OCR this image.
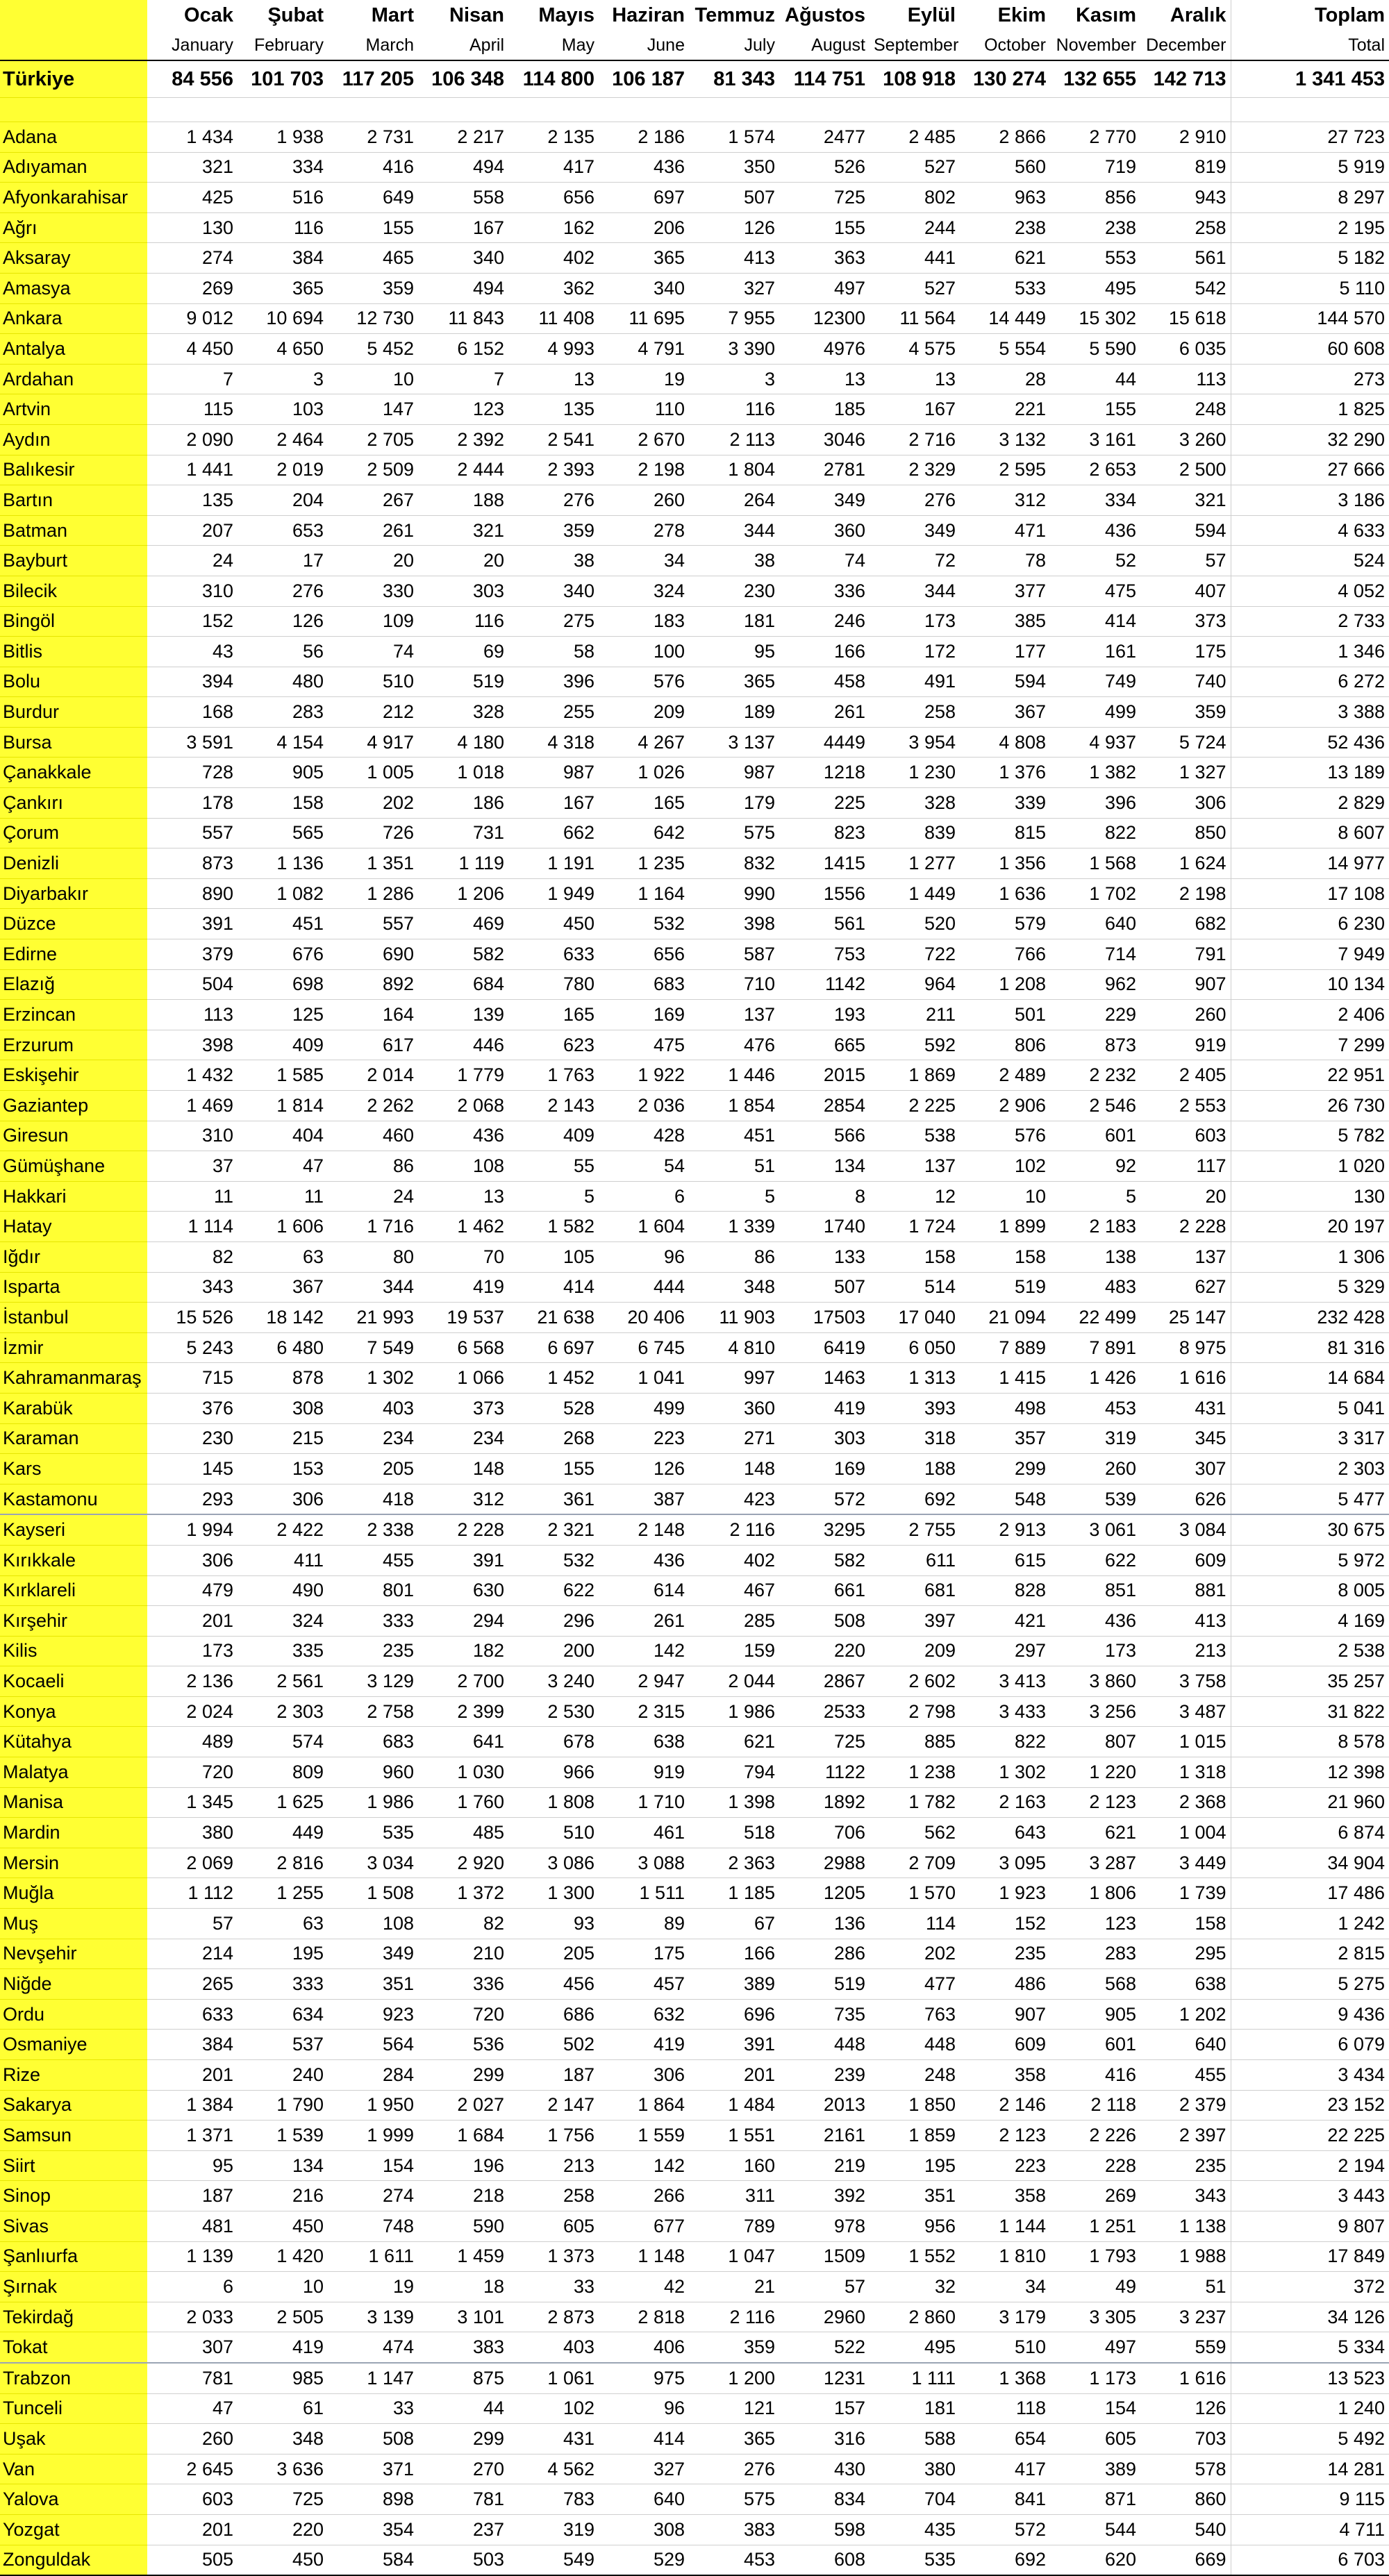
	Ocak	Şubat	Mart	Nisan	Mayıs	Haziran	Temmuz	Ağustos	Eylül	Ekim	Kasım	Aralık	Toplam
	January	February	March	April	May	June	July	August	September	October	November	December	Total
Türkiye	84 556	101 703	117 205	106 348	114 800	106 187	81 343	114 751	108 918	130 274	132 655	142 713	1 341 453

Adana	1 434	1 938	2 731	2 217	2 135	2 186	1 574	2477	2 485	2 866	2 770	2 910	27 723
Adıyaman	321	334	416	494	417	436	350	526	527	560	719	819	5 919
Afyonkarahisar	425	516	649	558	656	697	507	725	802	963	856	943	8 297
Ağrı	130	116	155	167	162	206	126	155	244	238	238	258	2 195
Aksaray	274	384	465	340	402	365	413	363	441	621	553	561	5 182
Amasya	269	365	359	494	362	340	327	497	527	533	495	542	5 110
Ankara	9 012	10 694	12 730	11 843	11 408	11 695	7 955	12300	11 564	14 449	15 302	15 618	144 570
Antalya	4 450	4 650	5 452	6 152	4 993	4 791	3 390	4976	4 575	5 554	5 590	6 035	60 608
Ardahan	7	3	10	7	13	19	3	13	13	28	44	113	273
Artvin	115	103	147	123	135	110	116	185	167	221	155	248	1 825
Aydın	2 090	2 464	2 705	2 392	2 541	2 670	2 113	3046	2 716	3 132	3 161	3 260	32 290
Balıkesir	1 441	2 019	2 509	2 444	2 393	2 198	1 804	2781	2 329	2 595	2 653	2 500	27 666
Bartın	135	204	267	188	276	260	264	349	276	312	334	321	3 186
Batman	207	653	261	321	359	278	344	360	349	471	436	594	4 633
Bayburt	24	17	20	20	38	34	38	74	72	78	52	57	524
Bilecik	310	276	330	303	340	324	230	336	344	377	475	407	4 052
Bingöl	152	126	109	116	275	183	181	246	173	385	414	373	2 733
Bitlis	43	56	74	69	58	100	95	166	172	177	161	175	1 346
Bolu	394	480	510	519	396	576	365	458	491	594	749	740	6 272
Burdur	168	283	212	328	255	209	189	261	258	367	499	359	3 388
Bursa	3 591	4 154	4 917	4 180	4 318	4 267	3 137	4449	3 954	4 808	4 937	5 724	52 436
Çanakkale	728	905	1 005	1 018	987	1 026	987	1218	1 230	1 376	1 382	1 327	13 189
Çankırı	178	158	202	186	167	165	179	225	328	339	396	306	2 829
Çorum	557	565	726	731	662	642	575	823	839	815	822	850	8 607
Denizli	873	1 136	1 351	1 119	1 191	1 235	832	1415	1 277	1 356	1 568	1 624	14 977
Diyarbakır	890	1 082	1 286	1 206	1 949	1 164	990	1556	1 449	1 636	1 702	2 198	17 108
Düzce	391	451	557	469	450	532	398	561	520	579	640	682	6 230
Edirne	379	676	690	582	633	656	587	753	722	766	714	791	7 949
Elazığ	504	698	892	684	780	683	710	1142	964	1 208	962	907	10 134
Erzincan	113	125	164	139	165	169	137	193	211	501	229	260	2 406
Erzurum	398	409	617	446	623	475	476	665	592	806	873	919	7 299
Eskişehir	1 432	1 585	2 014	1 779	1 763	1 922	1 446	2015	1 869	2 489	2 232	2 405	22 951
Gaziantep	1 469	1 814	2 262	2 068	2 143	2 036	1 854	2854	2 225	2 906	2 546	2 553	26 730
Giresun	310	404	460	436	409	428	451	566	538	576	601	603	5 782
Gümüşhane	37	47	86	108	55	54	51	134	137	102	92	117	1 020
Hakkari	11	11	24	13	5	6	5	8	12	10	5	20	130
Hatay	1 114	1 606	1 716	1 462	1 582	1 604	1 339	1740	1 724	1 899	2 183	2 228	20 197
Iğdır	82	63	80	70	105	96	86	133	158	158	138	137	1 306
Isparta	343	367	344	419	414	444	348	507	514	519	483	627	5 329
İstanbul	15 526	18 142	21 993	19 537	21 638	20 406	11 903	17503	17 040	21 094	22 499	25 147	232 428
İzmir	5 243	6 480	7 549	6 568	6 697	6 745	4 810	6419	6 050	7 889	7 891	8 975	81 316
Kahramanmaraş	715	878	1 302	1 066	1 452	1 041	997	1463	1 313	1 415	1 426	1 616	14 684
Karabük	376	308	403	373	528	499	360	419	393	498	453	431	5 041
Karaman	230	215	234	234	268	223	271	303	318	357	319	345	3 317
Kars	145	153	205	148	155	126	148	169	188	299	260	307	2 303
Kastamonu	293	306	418	312	361	387	423	572	692	548	539	626	5 477
Kayseri	1 994	2 422	2 338	2 228	2 321	2 148	2 116	3295	2 755	2 913	3 061	3 084	30 675
Kırıkkale	306	411	455	391	532	436	402	582	611	615	622	609	5 972
Kırklareli	479	490	801	630	622	614	467	661	681	828	851	881	8 005
Kırşehir	201	324	333	294	296	261	285	508	397	421	436	413	4 169
Kilis	173	335	235	182	200	142	159	220	209	297	173	213	2 538
Kocaeli	2 136	2 561	3 129	2 700	3 240	2 947	2 044	2867	2 602	3 413	3 860	3 758	35 257
Konya	2 024	2 303	2 758	2 399	2 530	2 315	1 986	2533	2 798	3 433	3 256	3 487	31 822
Kütahya	489	574	683	641	678	638	621	725	885	822	807	1 015	8 578
Malatya	720	809	960	1 030	966	919	794	1122	1 238	1 302	1 220	1 318	12 398
Manisa	1 345	1 625	1 986	1 760	1 808	1 710	1 398	1892	1 782	2 163	2 123	2 368	21 960
Mardin	380	449	535	485	510	461	518	706	562	643	621	1 004	6 874
Mersin	2 069	2 816	3 034	2 920	3 086	3 088	2 363	2988	2 709	3 095	3 287	3 449	34 904
Muğla	1 112	1 255	1 508	1 372	1 300	1 511	1 185	1205	1 570	1 923	1 806	1 739	17 486
Muş	57	63	108	82	93	89	67	136	114	152	123	158	1 242
Nevşehir	214	195	349	210	205	175	166	286	202	235	283	295	2 815
Niğde	265	333	351	336	456	457	389	519	477	486	568	638	5 275
Ordu	633	634	923	720	686	632	696	735	763	907	905	1 202	9 436
Osmaniye	384	537	564	536	502	419	391	448	448	609	601	640	6 079
Rize	201	240	284	299	187	306	201	239	248	358	416	455	3 434
Sakarya	1 384	1 790	1 950	2 027	2 147	1 864	1 484	2013	1 850	2 146	2 118	2 379	23 152
Samsun	1 371	1 539	1 999	1 684	1 756	1 559	1 551	2161	1 859	2 123	2 226	2 397	22 225
Siirt	95	134	154	196	213	142	160	219	195	223	228	235	2 194
Sinop	187	216	274	218	258	266	311	392	351	358	269	343	3 443
Sivas	481	450	748	590	605	677	789	978	956	1 144	1 251	1 138	9 807
Şanlıurfa	1 139	1 420	1 611	1 459	1 373	1 148	1 047	1509	1 552	1 810	1 793	1 988	17 849
Şırnak	6	10	19	18	33	42	21	57	32	34	49	51	372
Tekirdağ	2 033	2 505	3 139	3 101	2 873	2 818	2 116	2960	2 860	3 179	3 305	3 237	34 126
Tokat	307	419	474	383	403	406	359	522	495	510	497	559	5 334
Trabzon	781	985	1 147	875	1 061	975	1 200	1231	1 111	1 368	1 173	1 616	13 523
Tunceli	47	61	33	44	102	96	121	157	181	118	154	126	1 240
Uşak	260	348	508	299	431	414	365	316	588	654	605	703	5 492
Van	2 645	3 636	371	270	4 562	327	276	430	380	417	389	578	14 281
Yalova	603	725	898	781	783	640	575	834	704	841	871	860	9 115
Yozgat	201	220	354	237	319	308	383	598	435	572	544	540	4 711
Zonguldak	505	450	584	503	549	529	453	608	535	692	620	669	6 703
